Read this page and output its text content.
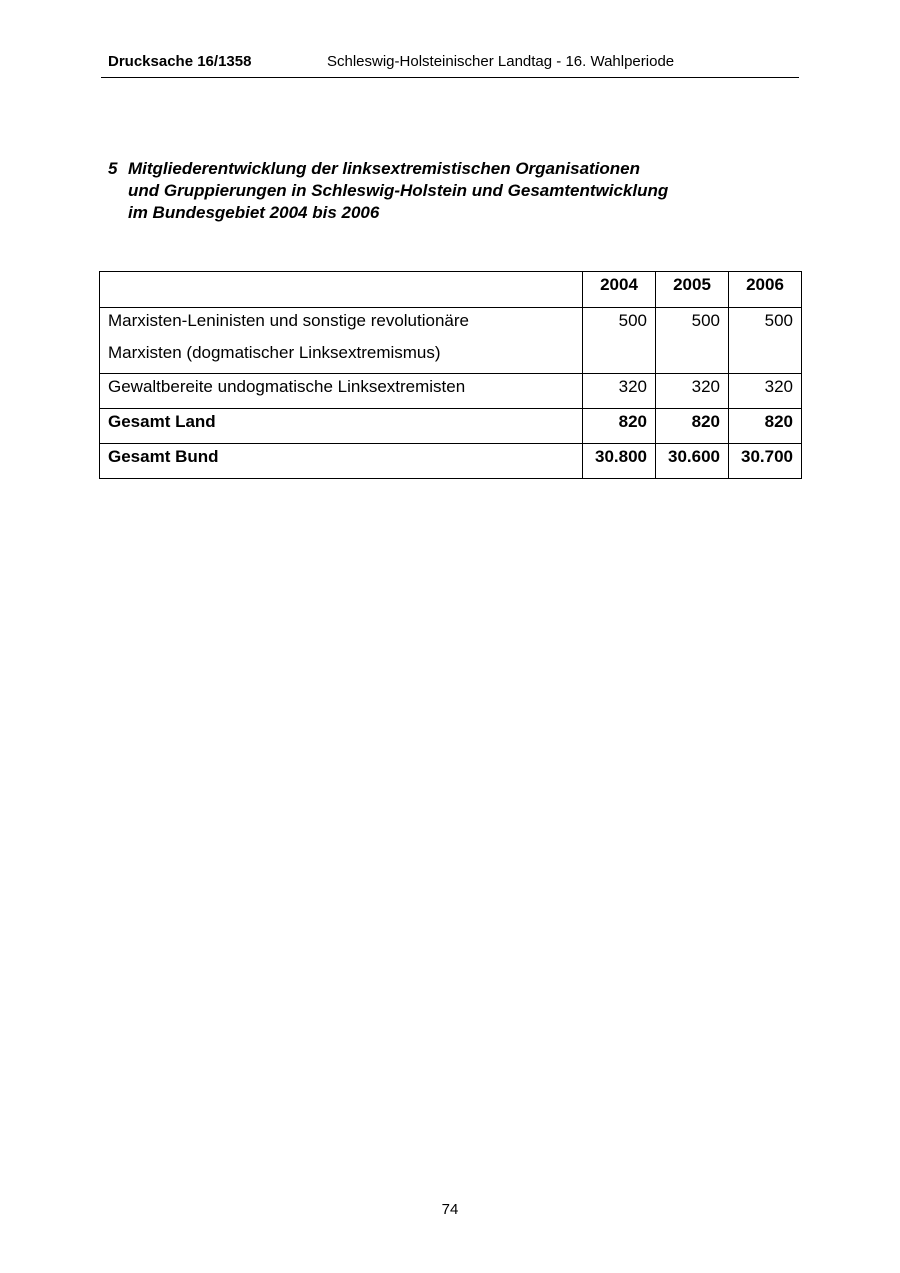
Drucksache 16/1358	Schleswig-Holsteinischer Landtag - 16. Wahlperiode
5 Mitgliederentwicklung der linksextremistischen Organisationen
und Gruppierungen in Schleswig-Holstein und Gesamtentwicklung
im Bundesgebiet 2004 bis 2006
	2004	2005	2006

Marxisten-Leninisten und sonstige revolutionäre
Marxisten (dogmatischer Linksextremismus)	500	500	500

Gewaltbereite undogmatische Linksextremisten	320	320	320

Gesamt Land	820	820	820

Gesamt Bund	30.800	30.600	30.700
74
